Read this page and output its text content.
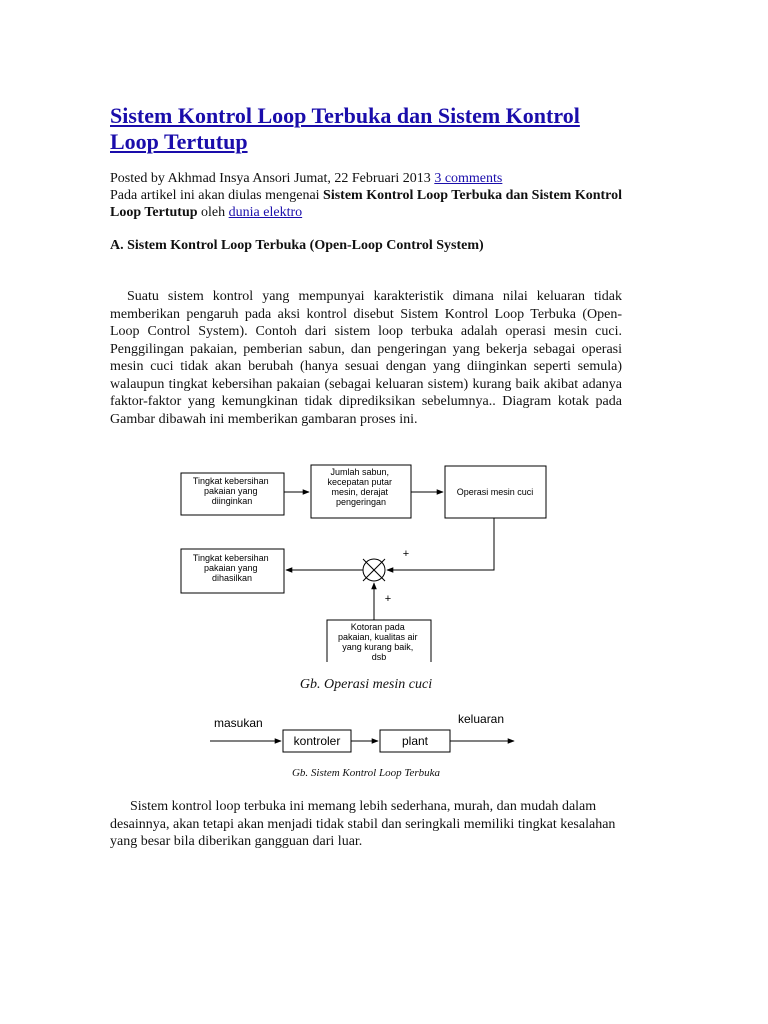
Sistem Kontrol Loop Terbuka dan Sistem Kontrol Loop Tertutup
Posted by Akhmad Insya Ansori Jumat, 22 Februari 2013 3 comments
Pada artikel ini akan diulas mengenai Sistem Kontrol Loop Terbuka dan Sistem Kontrol Loop Tertutup oleh dunia elektro
A. Sistem Kontrol Loop Terbuka (Open-Loop Control System)

Suatu sistem kontrol yang mempunyai karakteristik dimana nilai keluaran tidak memberikan pengaruh pada aksi kontrol disebut Sistem Kontrol Loop Terbuka (Open-Loop Control System). Contoh dari sistem loop terbuka adalah operasi mesin cuci. Penggilingan pakaian, pemberian sabun, dan pengeringan yang bekerja sebagai operasi mesin cuci tidak akan berubah (hanya sesuai dengan yang diinginkan seperti semula) walaupun tingkat kebersihan pakaian (sebagai keluaran sistem) kurang baik akibat adanya faktor-faktor yang kemungkinan tidak diprediksikan sebelumnya.. Diagram kotak pada Gambar dibawah ini memberikan gambaran proses ini.

Tingkat kebersihan pakaian yang diinginkan
Jumlah sabun, kecepatan putar mesin, derajat pengeringan
Operasi mesin cuci
Tingkat kebersihan pakaian yang dihasilkan
Kotoran pada pakaian, kualitas air yang kurang baik, dsb
+
+
Gb. Operasi mesin cuci
masukan	keluaran
kontroler	plant
Gb. Sistem Kontrol Loop Terbuka

Sistem kontrol loop terbuka ini memang lebih sederhana, murah, dan mudah dalam desainnya, akan tetapi akan menjadi tidak stabil dan seringkali memiliki tingkat kesalahan yang besar bila diberikan gangguan dari luar.
